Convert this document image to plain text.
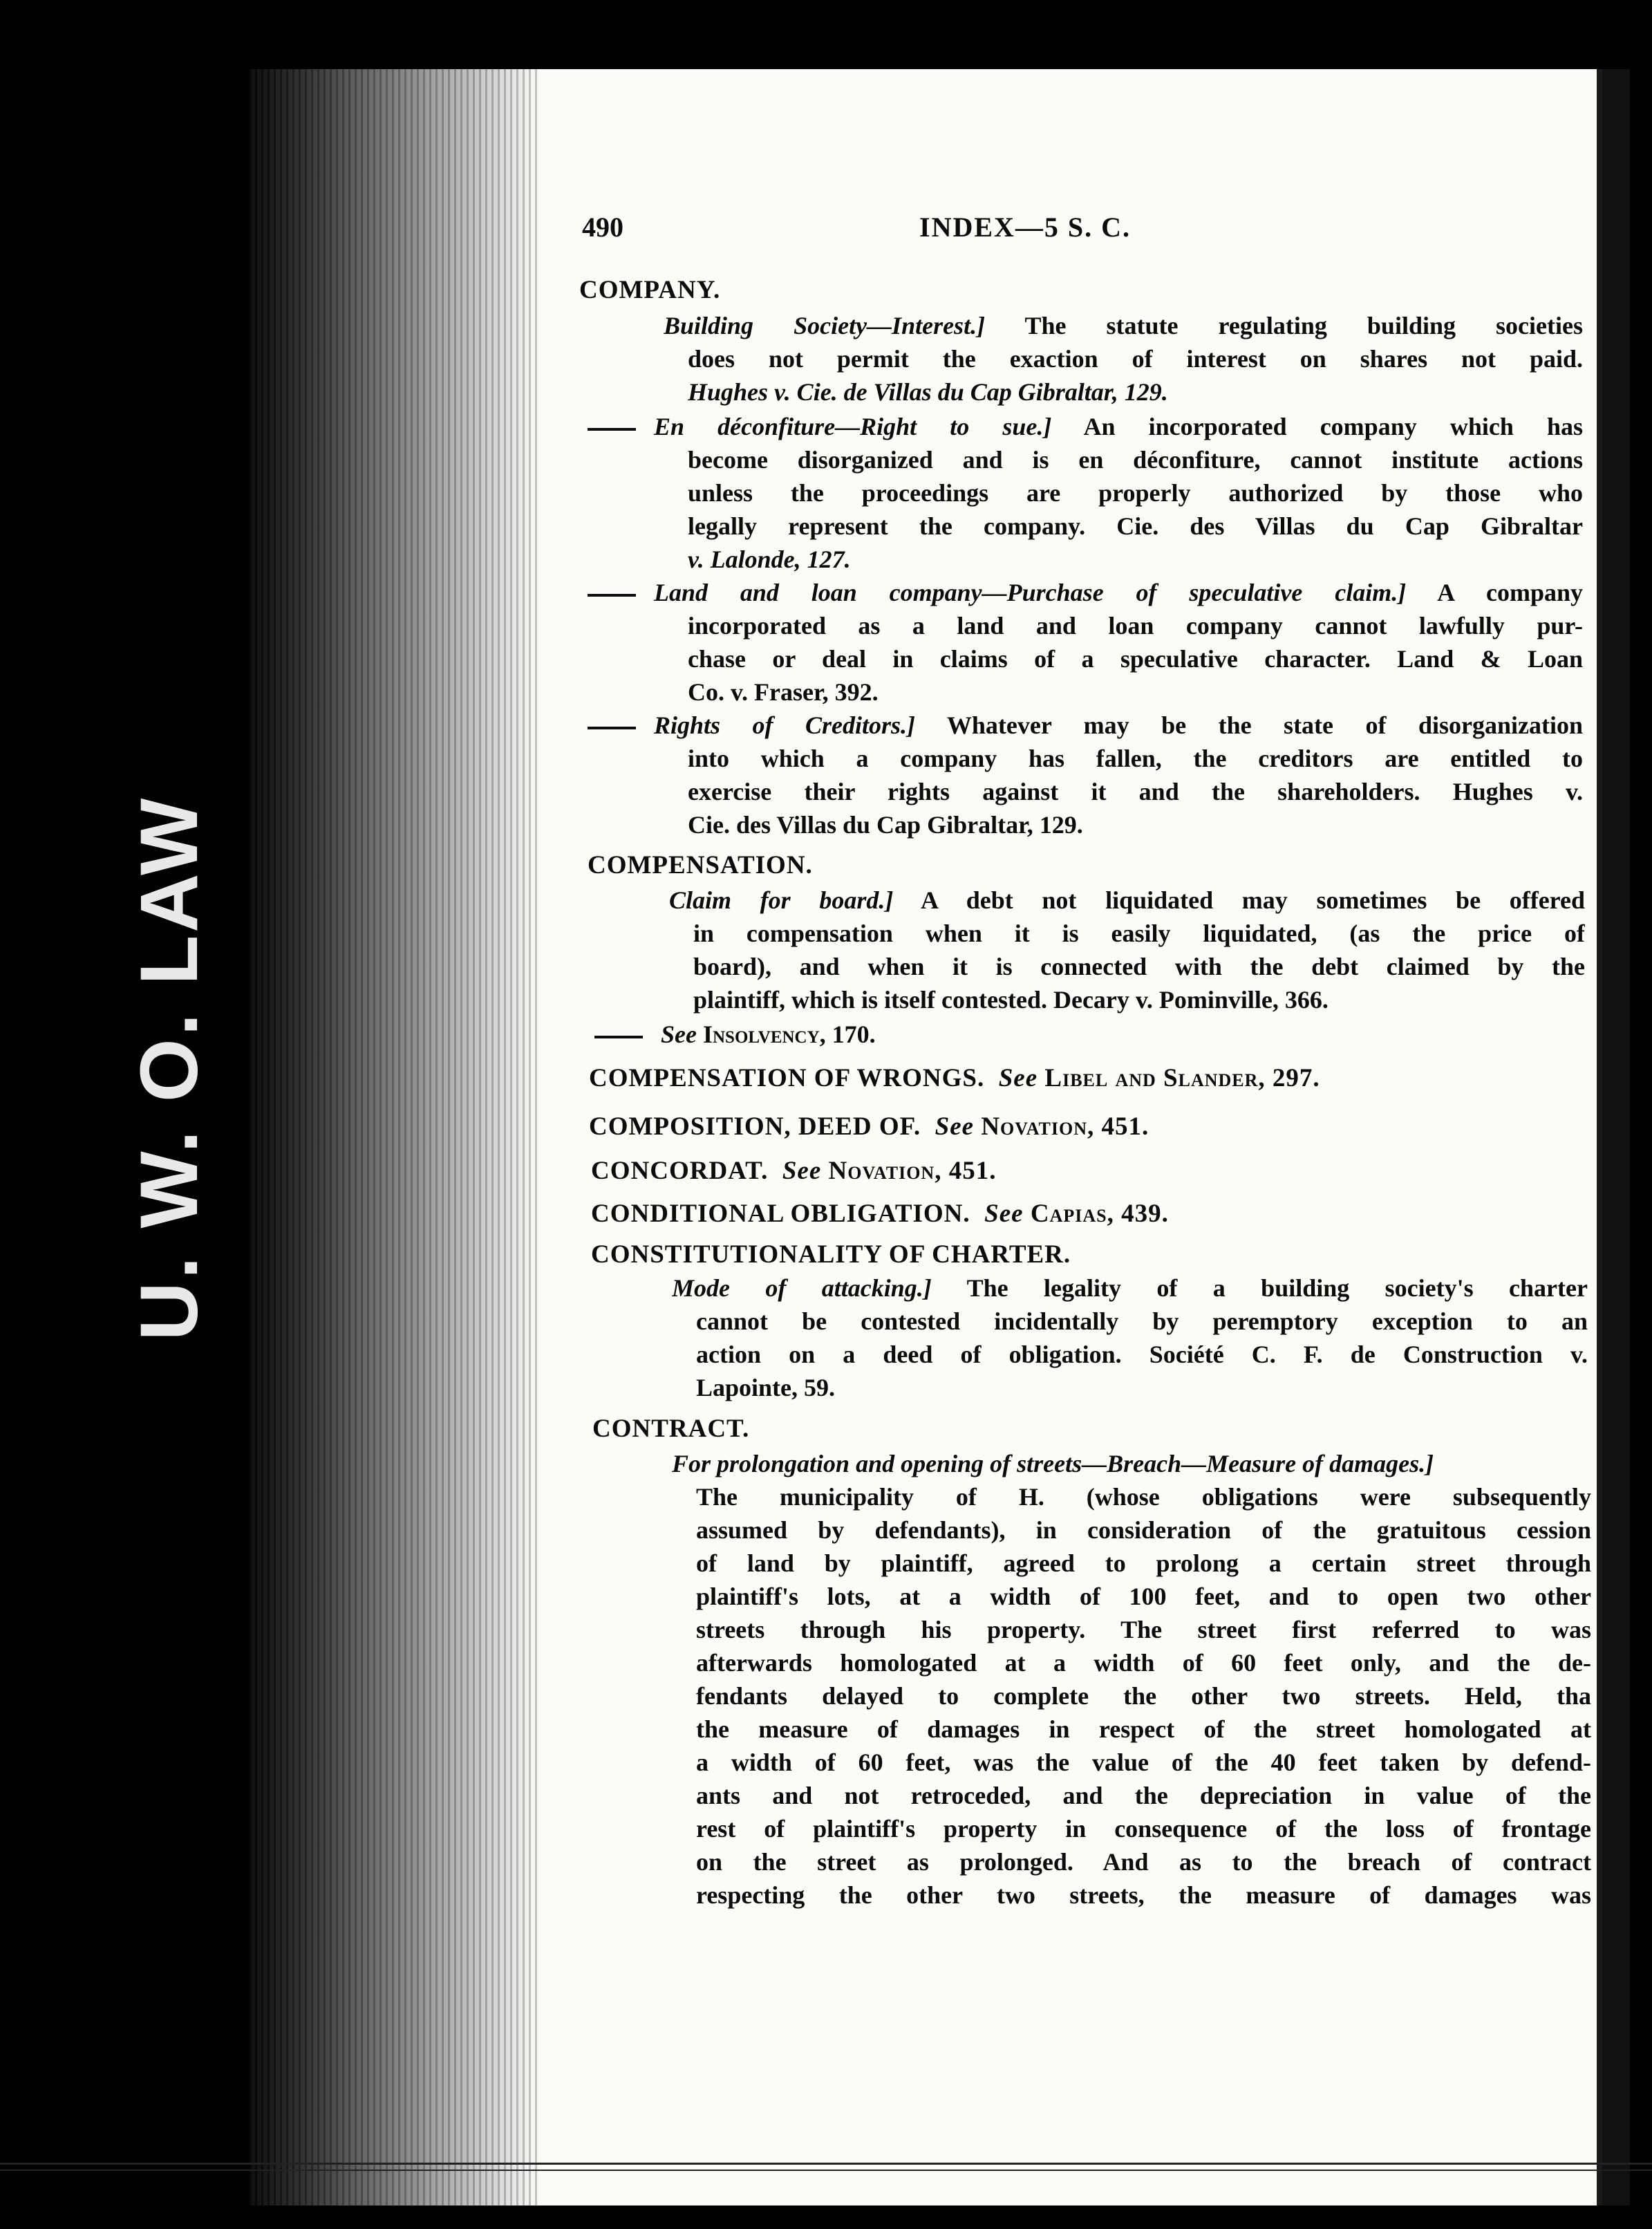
U. W. O. LAW
490	INDEX—5 S. C.
COMPANY.
Building Society—Interest.] The statute regulating building societies
does not permit the exaction of interest on shares not paid.
Hughes v. Cie. de Villas du Cap Gibraltar, 129.
En déconfiture—Right to sue.] An incorporated company which has
become disorganized and is en déconfiture, cannot institute actions
unless the proceedings are properly authorized by those who
legally represent the company. Cie. des Villas du Cap Gibraltar
v. Lalonde, 127.
Land and loan company—Purchase of speculative claim.] A company
incorporated as a land and loan company cannot lawfully pur-
chase or deal in claims of a speculative character. Land & Loan
Co. v. Fraser, 392.
Rights of Creditors.] Whatever may be the state of disorganization
into which a company has fallen, the creditors are entitled to
exercise their rights against it and the shareholders. Hughes v.
Cie. des Villas du Cap Gibraltar, 129.
COMPENSATION.
Claim for board.] A debt not liquidated may sometimes be offered
in compensation when it is easily liquidated, (as the price of
board), and when it is connected with the debt claimed by the
plaintiff, which is itself contested. Decary v. Pominville, 366.
See Insolvency, 170.
COMPENSATION OF WRONGS. See Libel and Slander, 297.
COMPOSITION, DEED OF. See Novation, 451.
CONCORDAT. See Novation, 451.
CONDITIONAL OBLIGATION. See Capias, 439.
CONSTITUTIONALITY OF CHARTER.
Mode of attacking.] The legality of a building society's charter
cannot be contested incidentally by peremptory exception to an
action on a deed of obligation. Société C. F. de Construction v.
Lapointe, 59.
CONTRACT.
For prolongation and opening of streets—Breach—Measure of damages.]
The municipality of H. (whose obligations were subsequently
assumed by defendants), in consideration of the gratuitous cession
of land by plaintiff, agreed to prolong a certain street through
plaintiff's lots, at a width of 100 feet, and to open two other
streets through his property. The street first referred to was
afterwards homologated at a width of 60 feet only, and the de-
fendants delayed to complete the other two streets. Held, tha
the measure of damages in respect of the street homologated at
a width of 60 feet, was the value of the 40 feet taken by defend-
ants and not retroceded, and the depreciation in value of the
rest of plaintiff's property in consequence of the loss of frontage
on the street as prolonged. And as to the breach of contract
respecting the other two streets, the measure of damages was
